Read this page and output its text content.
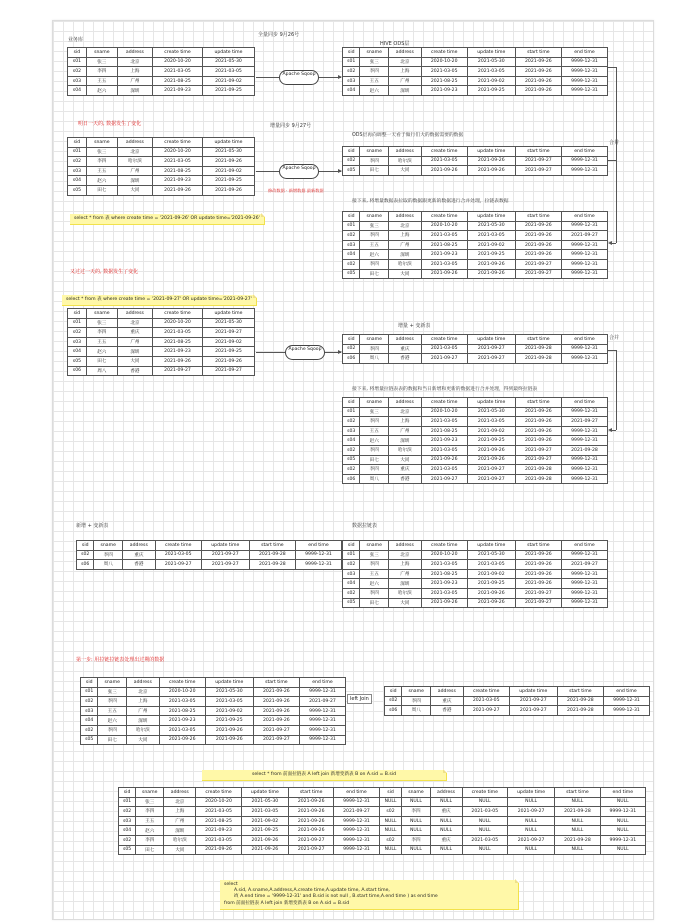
业务库
全量同步 9月26号
HIVE ODS层
sid	sname	address	create time	update time
s01	张三	北京	2020-10-20	2021-05-30
s02	李四	上海	2021-03-05	2021-03-05
s03	王五	广州	2021-08-25	2021-09-02
s04	赵六	深圳	2021-09-23	2021-09-25
Apache Sqoop
sid	sname	address	create time	update time	start time	end time
s01	张三	北京	2020-10-20	2021-05-30	2021-09-26	9999-12-31
s02	李四	上海	2021-03-05	2021-03-05	2021-09-26	9999-12-31
s03	王五	广州	2021-08-25	2021-09-02	2021-09-26	9999-12-31
s04	赵六	深圳	2021-09-23	2021-09-25	2021-09-26	9999-12-31
明日一天的, 数据发生了变化	增量同步 9月27号
sid	sname	address	create time	update time
s01	张三	北京	2020-10-20	2021-05-30
s02	李四	哈尔滨	2021-03-05	2021-09-26
s03	王五	广州	2021-08-25	2021-09-02
s04	赵六	深圳	2021-09-23	2021-09-25
s05	田七	大同	2021-09-26	2021-09-26
Apache Sqoop
修改数据 · 新增数据 最新数据
ODS层再向调整一天看于做行们大的数据需要的数据
sid	sname	address	create time	update time	start time	end time
s02	李四	哈尔滨	2021-03-05	2021-09-26	2021-09-27	9999-12-31
s05	田七	大同	2021-09-26	2021-09-26	2021-09-27	9999-12-31
select * from 表 where create time = '2021-09-26' OR update time='2021-09-26'
接下来, 将增量数据表拉取的数据跟更新的数据进行合并处理，拉链表数据
sid	sname	address	create time	update time	start time	end time
s01	张三	北京	2020-10-20	2021-05-30	2021-09-26	9999-12-31
s02	李四	上海	2021-03-05	2021-03-05	2021-09-26	2021-09-27
s03	王五	广州	2021-08-25	2021-09-02	2021-09-26	9999-12-31
s04	赵六	深圳	2021-09-23	2021-09-25	2021-09-26	9999-12-31
s02	李四	哈尔滨	2021-03-05	2021-09-26	2021-09-27	9999-12-31
s05	田七	大同	2021-09-26	2021-09-26	2021-09-27	9999-12-31
合并
又过过一天的, 数据发生了变化
select * from 表 where create time = '2021-09-27' OR update time='2021-09-27'
sid	sname	address	create time	update time
s01	张三	北京	2020-10-20	2021-05-30
s02	李四	重庆	2021-03-05	2021-09-27
s03	王五	广州	2021-08-25	2021-09-02
s04	赵六	深圳	2021-09-23	2021-09-25
s05	田七	大同	2021-09-26	2021-09-26
s06	周八	香港	2021-09-27	2021-09-27
Apache Sqoop
增量 + 变新表
sid	sname	address	create time	update time	start time	end time
s02	李四	重庆	2021-03-05	2021-09-27	2021-09-28	9999-12-31
s06	周八	香港	2021-09-27	2021-09-27	2021-09-28	9999-12-31
接下来, 将增量拉链表表的数据和当日新增和更新的数据进行合并处理，得到最终拉链表
sid	sname	address	create time	update time	start time	end time
s01	张三	北京	2020-10-20	2021-05-30	2021-09-26	9999-12-31
s02	李四	上海	2021-03-05	2021-03-05	2021-09-26	2021-09-27
s03	王五	广州	2021-08-25	2021-09-02	2021-09-26	9999-12-31
s04	赵六	深圳	2021-09-23	2021-09-25	2021-09-26	9999-12-31
s02	李四	哈尔滨	2021-03-05	2021-09-26	2021-09-27	2021-09-28
s05	田七	大同	2021-09-26	2021-09-26	2021-09-27	9999-12-31
s02	李四	重庆	2021-03-05	2021-09-27	2021-09-28	9999-12-31
s06	周八	香港	2021-09-27	2021-09-27	2021-09-28	9999-12-31
合并
新增 + 变新表
sid	sname	address	create time	update time	start time	end time
s02	李四	重庆	2021-03-05	2021-09-27	2021-09-28	9999-12-31
s06	周八	香港	2021-09-27	2021-09-27	2021-09-28	9999-12-31
数据拉链表
sid	sname	address	create time	update time	start time	end time
s01	张三	北京	2020-10-20	2021-05-30	2021-09-26	9999-12-31
s02	李四	上海	2021-03-05	2021-03-05	2021-09-26	2021-09-27
s03	王五	广州	2021-08-25	2021-09-02	2021-09-26	9999-12-31
s04	赵六	深圳	2021-09-23	2021-09-25	2021-09-26	9999-12-31
s02	李四	哈尔滨	2021-03-05	2021-09-26	2021-09-27	9999-12-31
s05	田七	大同	2021-09-26	2021-09-26	2021-09-27	9999-12-31
第一步: 用拉链拉链表处理出过期的数据
sid	sname	address	create time	update time	start time	end time
s01	张三	北京	2020-10-20	2021-05-30	2021-09-26	9999-12-31
s02	李四	上海	2021-03-05	2021-03-05	2021-09-26	2021-09-27
s03	王五	广州	2021-08-25	2021-09-02	2021-09-26	9999-12-31
s04	赵六	深圳	2021-09-23	2021-09-25	2021-09-26	9999-12-31
s02	李四	哈尔滨	2021-03-05	2021-09-26	2021-09-27	9999-12-31
s05	田七	大同	2021-09-26	2021-09-26	2021-09-27	9999-12-31
left Join
sid	sname	address	create time	update time	start time	end time
s02	李四	重庆	2021-03-05	2021-09-27	2021-09-28	9999-12-31
s06	周八	香港	2021-09-27	2021-09-27	2021-09-28	9999-12-31
select * from 前面拉链表 A left join 新增变新表 B on A.sid = B.sid
sid	sname	address	create time	update time	start time	end time	sid	sname	address	create time	update time	start time	end time
s01	张三	北京	2020-10-20	2021-05-30	2021-09-26	9999-12-31	NULL	NULL	NULL	NULL	NULL	NULL	NULL
s02	李四	上海	2021-03-05	2021-03-05	2021-09-26	2021-09-27	s02	李四	重庆	2021-03-05	2021-09-27	2021-09-28	9999-12-31
s03	王五	广州	2021-08-25	2021-09-02	2021-09-26	9999-12-31	NULL	NULL	NULL	NULL	NULL	NULL	NULL
s04	赵六	深圳	2021-09-23	2021-09-25	2021-09-26	9999-12-31	NULL	NULL	NULL	NULL	NULL	NULL	NULL
s02	李四	哈尔滨	2021-03-05	2021-09-26	2021-09-27	9999-12-31	s02	李四	重庆	2021-03-05	2021-09-27	2021-09-28	9999-12-31
s05	田七	大同	2021-09-26	2021-09-26	2021-09-27	9999-12-31	NULL	NULL	NULL	NULL	NULL	NULL	NULL
select
A.sid, A.sname,A.address,A.create time,A.update time, A.start time,
if( A.end time = '9999-12-31' and B.sid is not null , B.start time,A.end time ) as end time
from 前面拉链表 A left join 新增变新表 B on A.sid = B.sid
